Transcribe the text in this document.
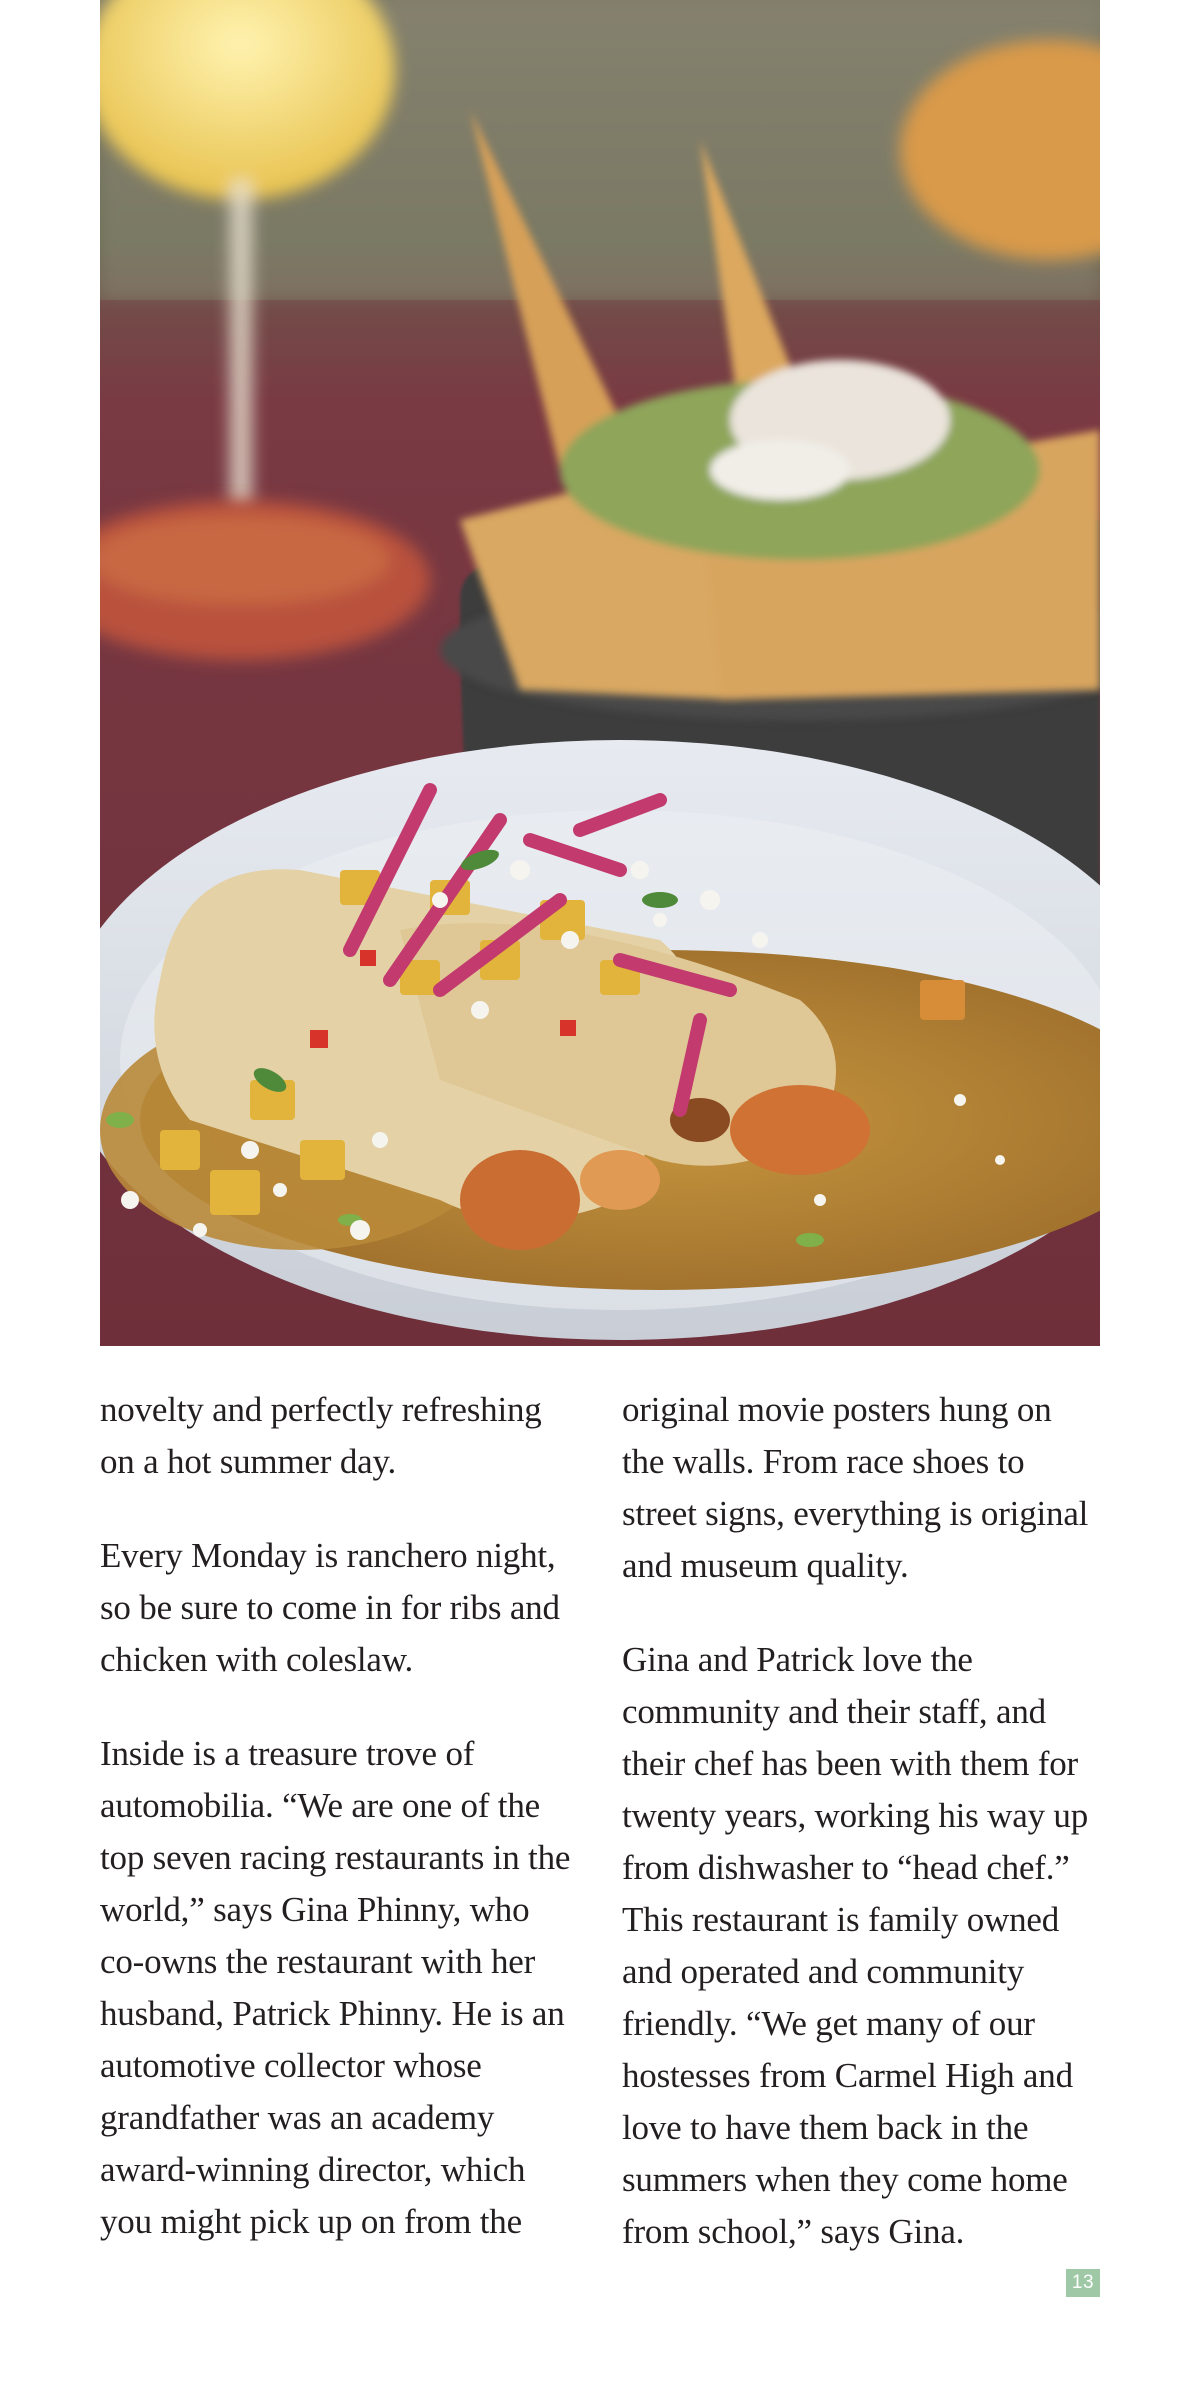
novelty and perfectly refreshing on a hot summer day.

Every Monday is ranchero night, so be sure to come in for ribs and chicken with coleslaw.

Inside is a treasure trove of automobilia. “We are one of the top seven racing restaurants in the world,” says Gina Phinny, who co-owns the restaurant with her husband, Patrick Phinny. He is an automotive collector whose grandfather was an academy award-winning director, which you might pick up on from the

original movie posters hung on the walls. From race shoes to street signs, everything is original and museum quality.

Gina and Patrick love the community and their staff, and their chef has been with them for twenty years, working his way up from dishwasher to “head chef.” This restaurant is family owned and operated and community friendly. “We get many of our hostesses from Carmel High and love to have them back in the summers when they come home from school,” says Gina.

13
